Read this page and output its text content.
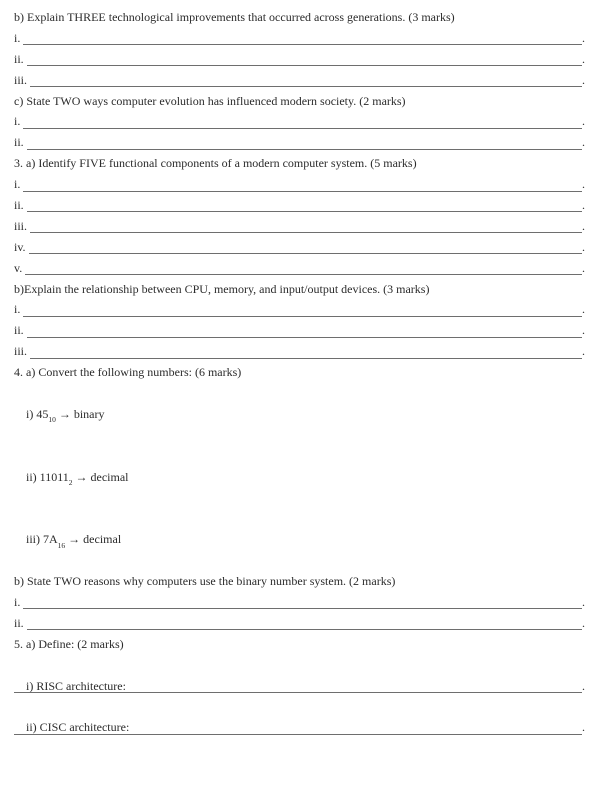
b) Explain THREE technological improvements that occurred across generations. (3 marks)
i.	.
ii.	.
iii.	.
c) State TWO ways computer evolution has influenced modern society. (2 marks)
i.	.
ii.	.
3. a) Identify FIVE functional components of a modern computer system. (5 marks)
i.	.
ii.	.
iii.	.
iv.	.
v.	.
b)Explain the relationship between CPU, memory, and input/output devices. (3 marks)
i.	.
ii.	.
iii.	.
4. a) Convert the following numbers: (6 marks)

i) $45_{10}$ → binary

ii) $11011_2$ → decimal

iii) $7A_{16}$ → decimal

b) State TWO reasons why computers use the binary number system. (2 marks)
i.	.
ii.	.
5. a) Define: (2 marks)

i) RISC architecture:
	.

ii) CISC architecture:
	.
